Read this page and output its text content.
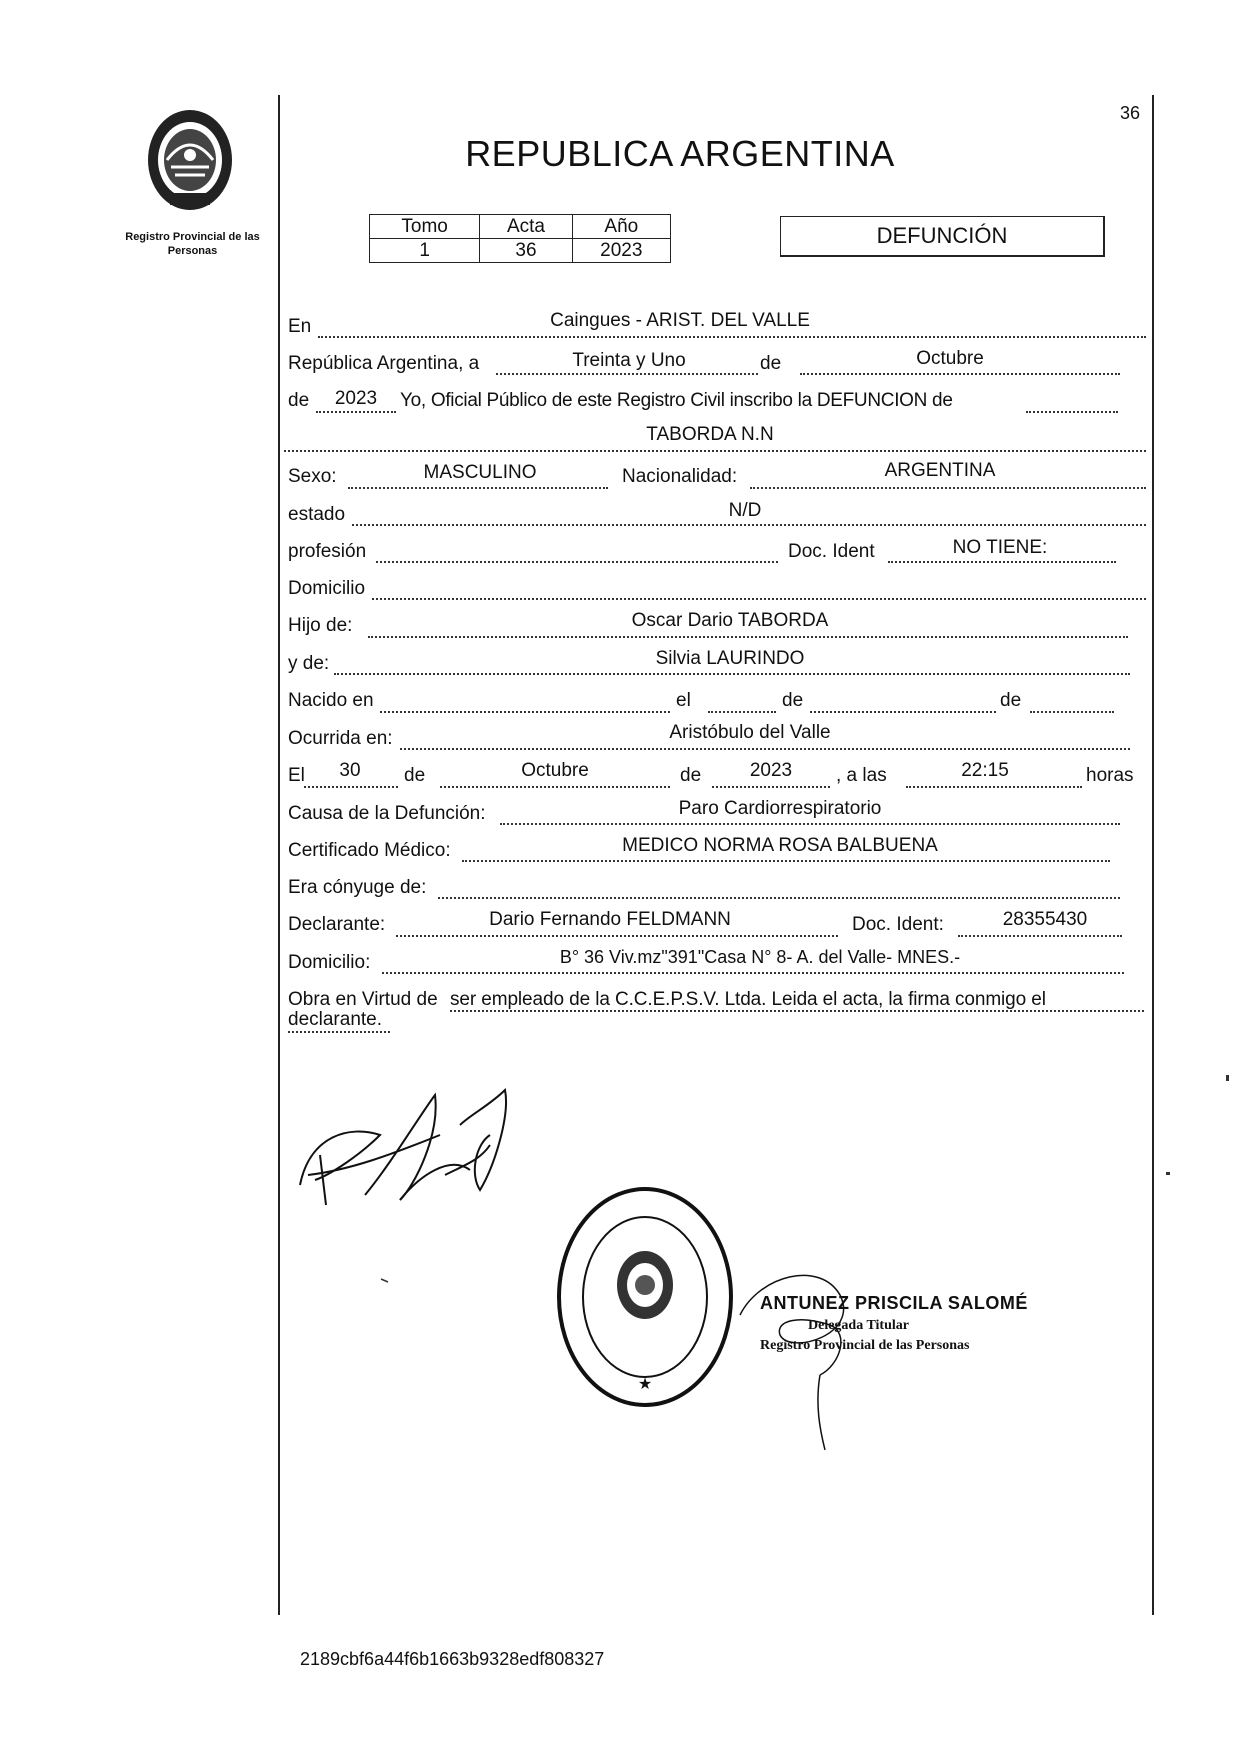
Registro Provincial de las Personas
36
REPUBLICA ARGENTINA
Tomo	Acta	Año
1	36	2023
DEFUNCIÓN
En	Caingues - ARIST. DEL VALLE
República Argentina, a	Treinta y Uno	de	Octubre
de	2023	Yo, Oficial Público de este Registro Civil inscribo la DEFUNCION de
TABORDA N.N
Sexo:	MASCULINO	Nacionalidad:	ARGENTINA
estado	N/D
profesión	Doc. Ident	NO TIENE:
Domicilio
Hijo de:	Oscar Dario TABORDA
y de:	Silvia LAURINDO
Nacido en	el	de	de
Ocurrida en:	Aristóbulo del Valle
El	30	de	Octubre	de	2023	, a las	22:15	horas
Causa de la Defunción:	Paro Cardiorrespiratorio
Certificado Médico:	MEDICO NORMA ROSA BALBUENA
Era cónyuge de:
Declarante:	Dario Fernando FELDMANN	Doc. Ident:	28355430
Domicilio:	B° 36 Viv.mz"391"Casa N° 8- A. del Valle- MNES.-
Obra en Virtud de ser empleado de la C.C.E.P.S.V. Ltda. Leida el acta, la firma conmigo el
declarante.
★
ANTUNEZ PRISCILA SALOMÉ
Delegada Titular
Registro Provincial de las Personas
2189cbf6a44f6b1663b9328edf808327
